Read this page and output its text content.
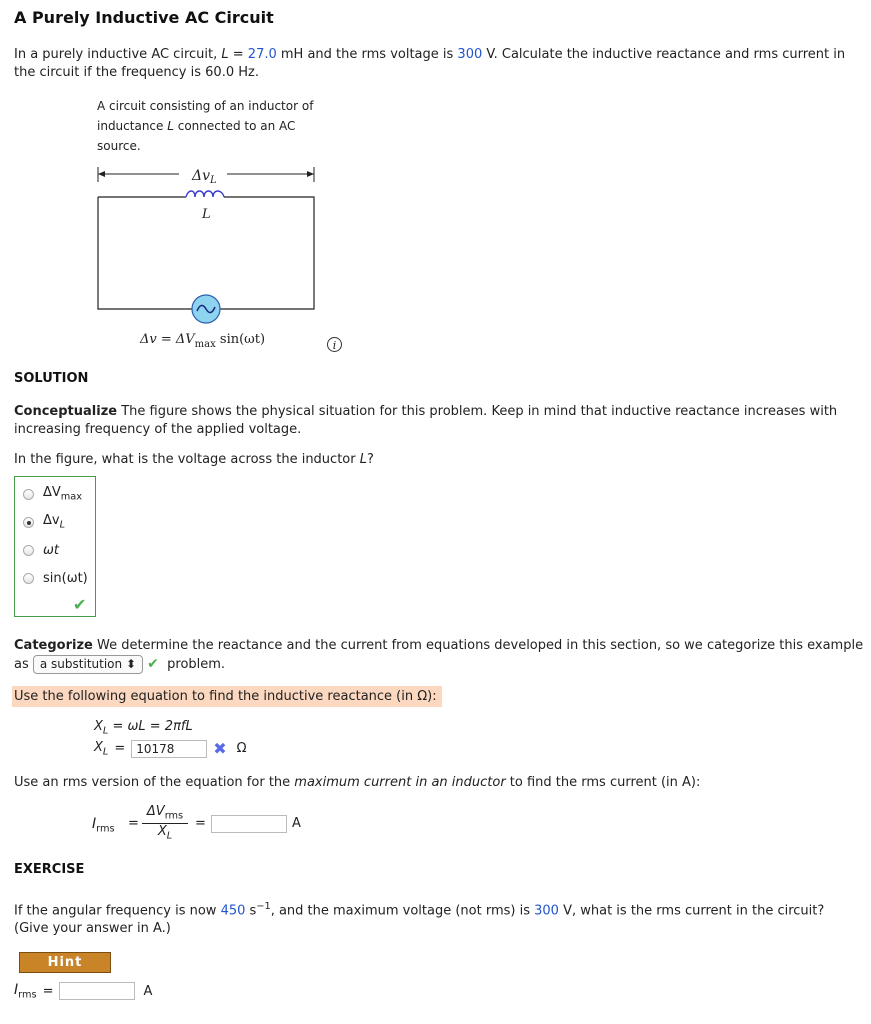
A Purely Inductive AC Circuit
In a purely inductive AC circuit, L = 27.0 mH and the rms voltage is 300 V. Calculate the inductive reactance and rms current in
the circuit if the frequency is 60.0 Hz.
A circuit consisting of an inductor of
inductance L connected to an AC
source.
$\Delta v_L$
L
$\Delta v = \Delta V_{max}$ sin(ωt)	i
SOLUTION
Conceptualize The figure shows the physical situation for this problem. Keep in mind that inductive reactance increases with
increasing frequency of the applied voltage.
In the figure, what is the voltage across the inductor L?
$\Delta V_{max}$
$\Delta v_L$
ωt
sin(ωt)
✔
Categorize We determine the reactance and the current from equations developed in this section, so we categorize this example
as a substitution ⬍ ✔ problem.
Use the following equation to find the inductive reactance (in Ω):
$X_L = \omega L = 2\pi fL$
$X_L = 10178$	✖ Ω
Use an rms version of the equation for the maximum current in an inductor to find the rms current (in A):
$I_{rms}$ =
$\Delta V_{rms}$
$X_L$
=	A
EXERCISE
If the angular frequency is now 450 $s^{-1}$, and the maximum voltage (not rms) is 300 V, what is the rms current in the circuit?
(Give your answer in A.)
Hint
$I_{rms}$ =	A
